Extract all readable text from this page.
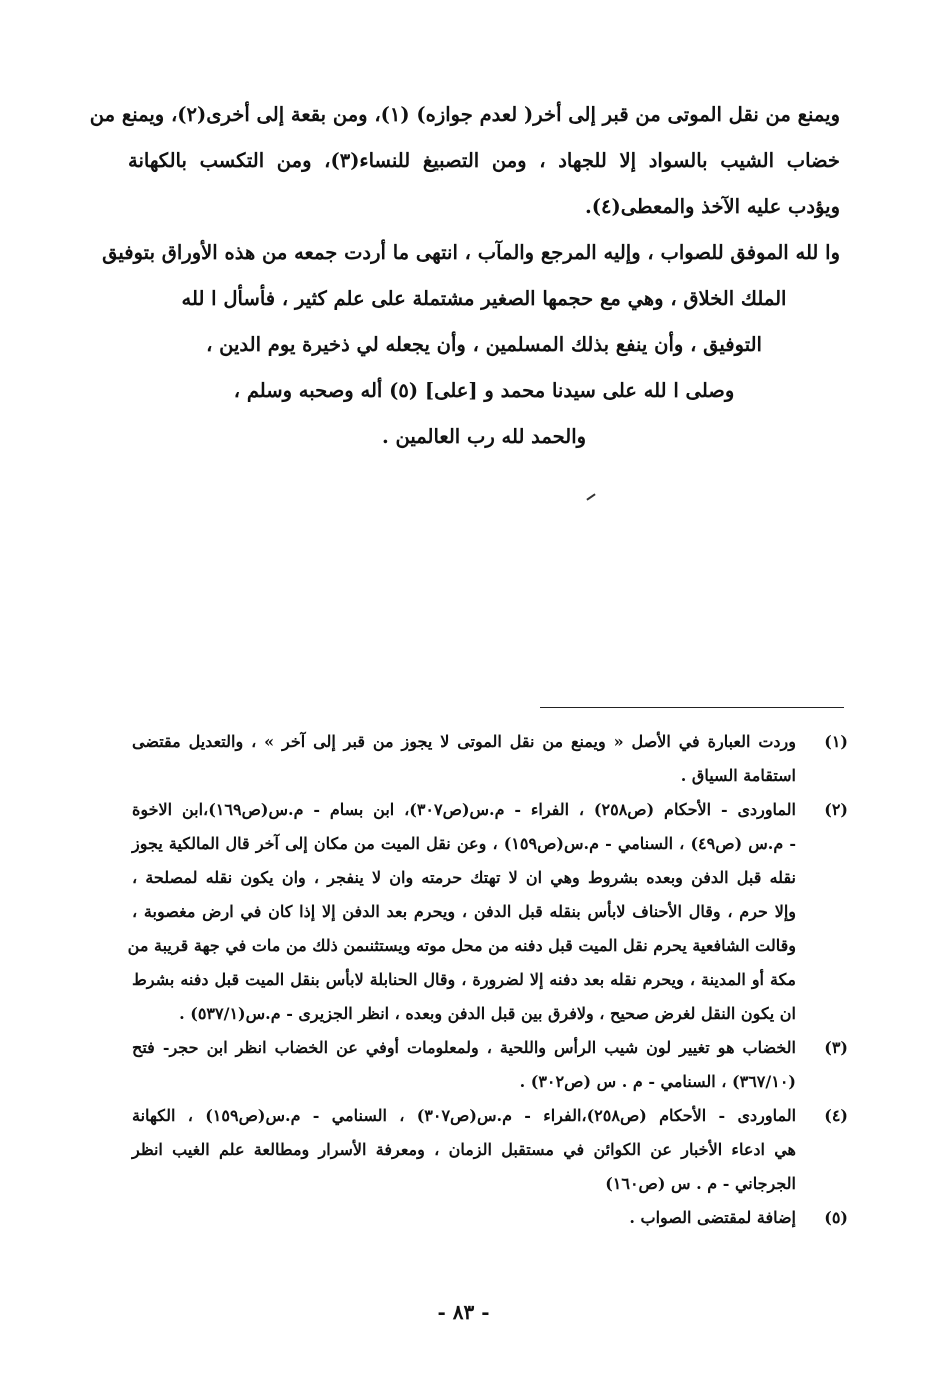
ويمنع من نقل الموتى من قبر إلى أخر( لعدم جوازه) (١)، ومن بقعة إلى أخرى(٢)، ويمنع من
خضاب الشيب بالسواد إلا للجهاد ، ومن التصبيغ للنساء(٣)، ومن التكسب بالكهانة
ويؤدب عليه الآخذ والمعطى(٤).
وا لله الموفق للصواب ، وإليه المرجع والمآب ، انتهى ما أردت جمعه من هذه الأوراق بتوفيق
الملك الخلاق ، وهي مع حجمها الصغير مشتملة على علم كثير ، فأسأل ا لله
التوفيق ، وأن ينفع بذلك المسلمين ، وأن يجعله لي ذخيرة يوم الدين ،
وصلى ا لله على سيدنا محمد و [على] (٥) أله وصحبه وسلم ،
والحمد لله رب العالمين .
(١)
وردت العبارة في الأصل « ويمنع من نقل الموتى لا يجوز من قبر إلى آخر » ، والتعديل مقتضى
استقامة السياق .
(٢)
الماوردى - الأحكام (ص٢٥٨) ، الفراء - م.س(ص٣٠٧)، ابن بسام - م.س(ص١٦٩)،ابن الاخوة
- م.س (ص٤٩) ، السنامي - م.س(ص١٥٩) ، وعن نقل الميت من مكان إلى آخر قال المالكية يجوز
نقله قبل الدفن وبعده بشروط وهي ان لا تهتك حرمته وان لا ينفجر ، وان يكون نقله لمصلحة ،
وإلا حرم ، وقال الأحناف لابأس بنقله قبل الدفن ، ويحرم بعد الدفن إلا إذا كان في ارض مغصوبة ،
وقالت الشافعية يحرم نقل الميت قبل دفنه من محل موته ويستثنىمن ذلك من مات في جهة قريبة من
مكة أو المدينة ، ويحرم نقله بعد دفنه إلا لضرورة ، وقال الحنابلة لابأس بنقل الميت قبل دفنه بشرط
ان يكون النقل لغرض صحيح ، ولافرق بين قبل الدفن وبعده ، انظر الجزيرى - م.س(٥٣٧/١) .
(٣)
الخضاب هو تغيير لون شيب الرأس واللحية ، ولمعلومات أوفي عن الخضاب انظر ابن حجر- فتح
(٣٦٧/١٠) ، السنامي - م . س (ص٣٠٢) .
(٤)
الماوردى - الأحكام (ص٢٥٨)،الفراء - م.س(ص٣٠٧) ، السنامي - م.س(ص١٥٩) ، الكهانة
هي ادعاء الأخبار عن الكوائن في مستقبل الزمان ، ومعرفة الأسرار ومطالعة علم الغيب انظر
الجرجاني - م . س (ص١٦٠)
(٥)
إضافة لمقتضى الصواب .
- ٨٣ -
